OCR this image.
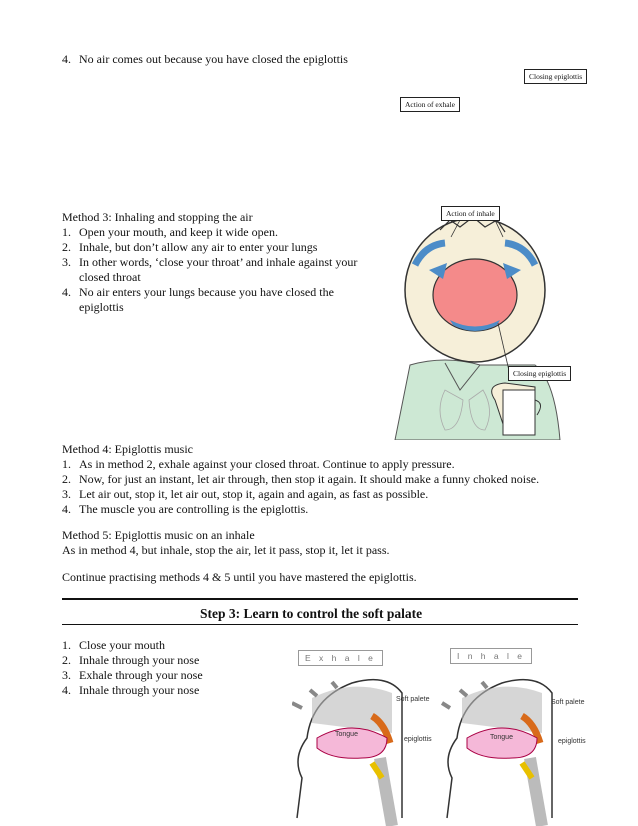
4. No air comes out because you have closed the epiglottis
Closing epiglottis
Action of exhale
Method 3: Inhaling and stopping the air
1. Open your mouth, and keep it wide open.
2. Inhale, but don’t allow any air to enter your lungs
3. In other words, ‘close your throat’ and inhale against your
closed throat
4. No air enters your lungs because you have closed the
epiglottis
Action of inhale
Closing epiglottis
Method 4: Epiglottis music
1. As in method 2, exhale against your closed throat. Continue to apply pressure.
2. Now, for just an instant, let air through, then stop it again. It should make a funny choked noise.
3. Let air out, stop it, let air out, stop it, again and again, as fast as possible.
4. The muscle you are controlling is the epiglottis.
Method 5: Epiglottis music on an inhale
As in method 4, but inhale, stop the air, let it pass, stop it, let it pass.
Continue practising methods 4 & 5 until you have mastered the epiglottis.
Step 3: Learn to control the soft palate
1. Close your mouth
2. Inhale through your nose
3. Exhale through your nose
4. Inhale through your nose
E x h a l e	I n h a l e
Soft palete	Soft palete
Tongue	Tongue
epiglottis	epiglottis
